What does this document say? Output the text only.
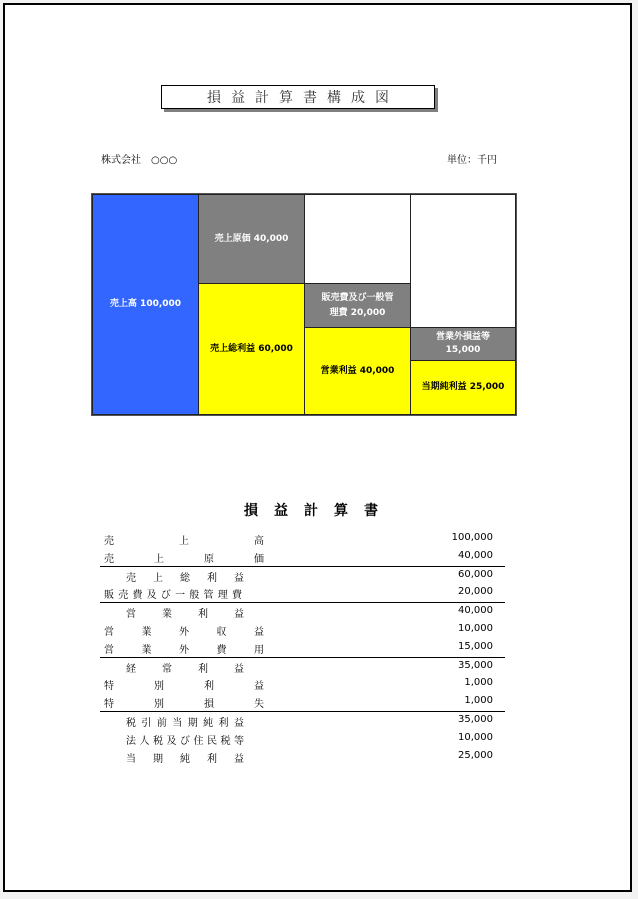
損益計算書構成図
株式会社　○○○	単位：千円
売上高 100,000
売上原価 40,000
売上総利益 60,000
販売費及び一般管
理費 20,000
営業利益 40,000
営業外損益等
15,000
当期純利益 25,000
損益計算書
売	上	高	100,000
売	上	原	価	40,000
売 上 総 利 益	60,000
販 売 費 及 び 一 般 管 理 費	20,000
営	業	利	益	40,000
営	業	外	収	益	10,000
営	業	外	費	用	15,000
経	常	利	益	35,000
特	別	利	益	1,000
特	別	損	失	1,000
税 引 前 当 期 純 利 益	35,000
法 人 税 及 び 住 民 税 等	10,000
当 期 純 利 益	25,000
